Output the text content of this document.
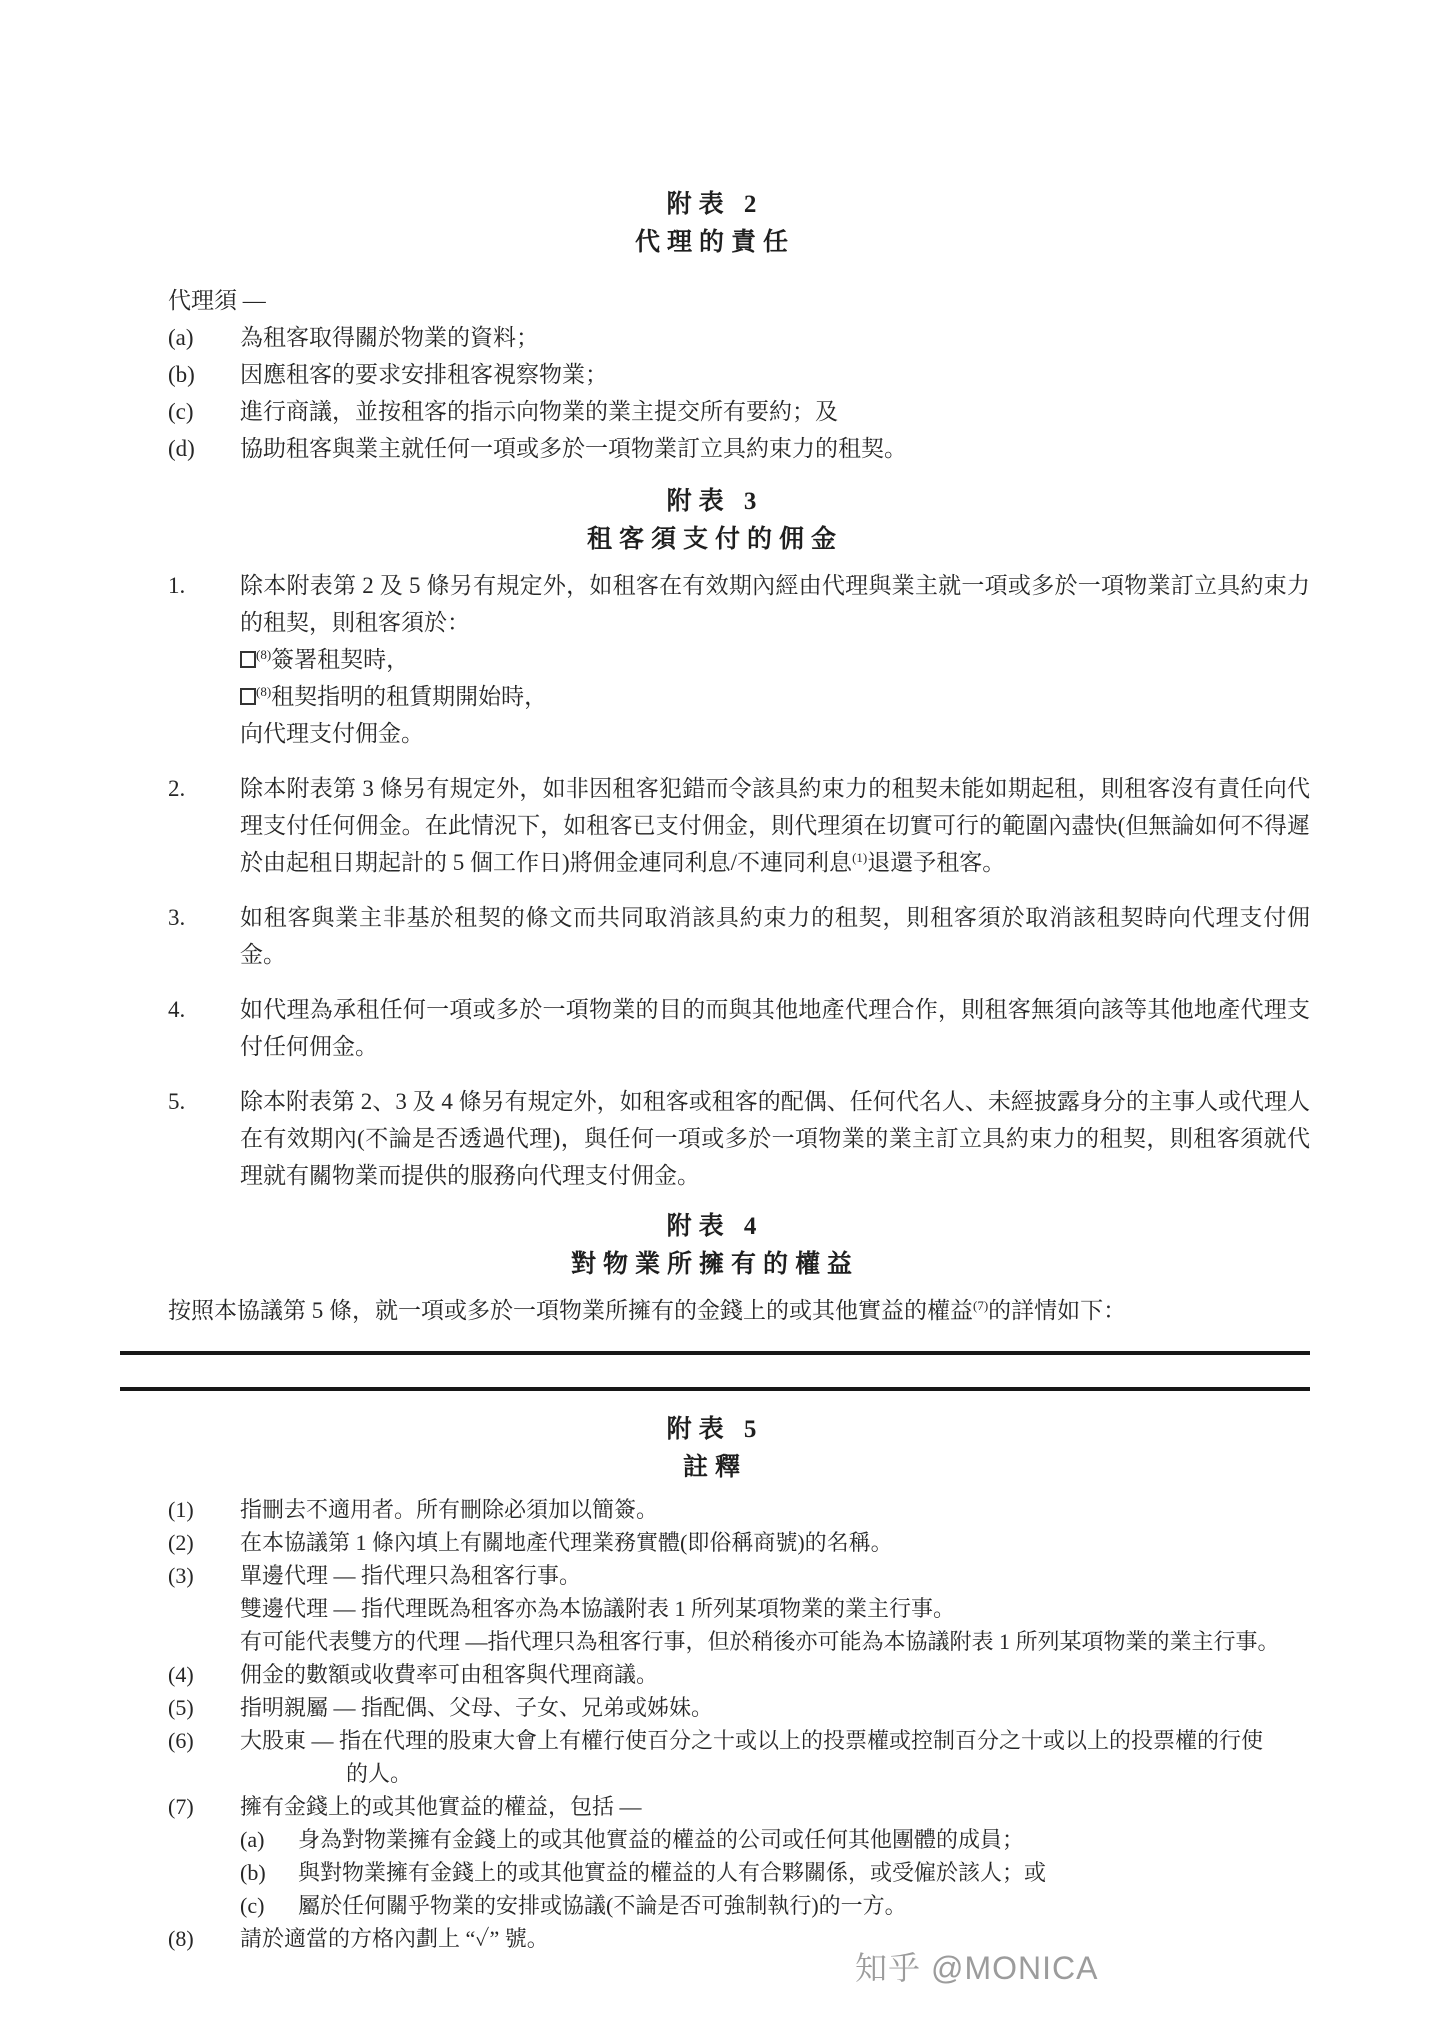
附表 2
代理的責任
代理須 —
(a)	為租客取得關於物業的資料；
(b)	因應租客的要求安排租客視察物業；
(c)	進行商議，並按租客的指示向物業的業主提交所有要約；及
(d)	協助租客與業主就任何一項或多於一項物業訂立具約束力的租契。
附表 3
租客須支付的佣金
1.	除本附表第 2 及 5 條另有規定外，如租客在有效期內經由代理與業主就一項或多於一項物業訂立具約束力的租契，則租客須於：
$^{(8)}$簽署租契時，
$^{(8)}$租契指明的租賃期開始時，
向代理支付佣金。
2.	除本附表第 3 條另有規定外，如非因租客犯錯而令該具約束力的租契未能如期起租，則租客沒有責任向代理支付任何佣金。在此情況下，如租客已支付佣金，則代理須在切實可行的範圍內盡快(但無論如何不得遲於由起租日期起計的 5 個工作日)將佣金連同利息/不連同利息$^{(1)}$退還予租客。
3.	如租客與業主非基於租契的條文而共同取消該具約束力的租契，則租客須於取消該租契時向代理支付佣金。
4.	如代理為承租任何一項或多於一項物業的目的而與其他地產代理合作，則租客無須向該等其他地產代理支付任何佣金。
5.	除本附表第 2、3 及 4 條另有規定外，如租客或租客的配偶、任何代名人、未經披露身分的主事人或代理人在有效期內(不論是否透過代理)，與任何一項或多於一項物業的業主訂立具約束力的租契，則租客須就代理就有關物業而提供的服務向代理支付佣金。
附表 4
對物業所擁有的權益
按照本協議第 5 條，就一項或多於一項物業所擁有的金錢上的或其他實益的權益$^{(7)}$的詳情如下：
附表 5
註釋
(1)	指刪去不適用者。所有刪除必須加以簡簽。
(2)	在本協議第 1 條內填上有關地產代理業務實體(即俗稱商號)的名稱。
(3)	單邊代理 — 指代理只為租客行事。
雙邊代理 — 指代理既為租客亦為本協議附表 1 所列某項物業的業主行事。
有可能代表雙方的代理 —指代理只為租客行事，但於稍後亦可能為本協議附表 1 所列某項物業的業主行事。
(4)	佣金的數額或收費率可由租客與代理商議。
(5)	指明親屬 — 指配偶、父母、子女、兄弟或姊妹。
(6)	大股東 — 指在代理的股東大會上有權行使百分之十或以上的投票權或控制百分之十或以上的投票權的行使
的人。
(7)	擁有金錢上的或其他實益的權益，包括 —
(a)	身為對物業擁有金錢上的或其他實益的權益的公司或任何其他團體的成員；
(b)	與對物業擁有金錢上的或其他實益的權益的人有合夥關係，或受僱於該人；或
(c)	屬於任何關乎物業的安排或協議(不論是否可強制執行)的一方。
(8)	請於適當的方格內劃上 “✓” 號。
知乎 @MONICA
